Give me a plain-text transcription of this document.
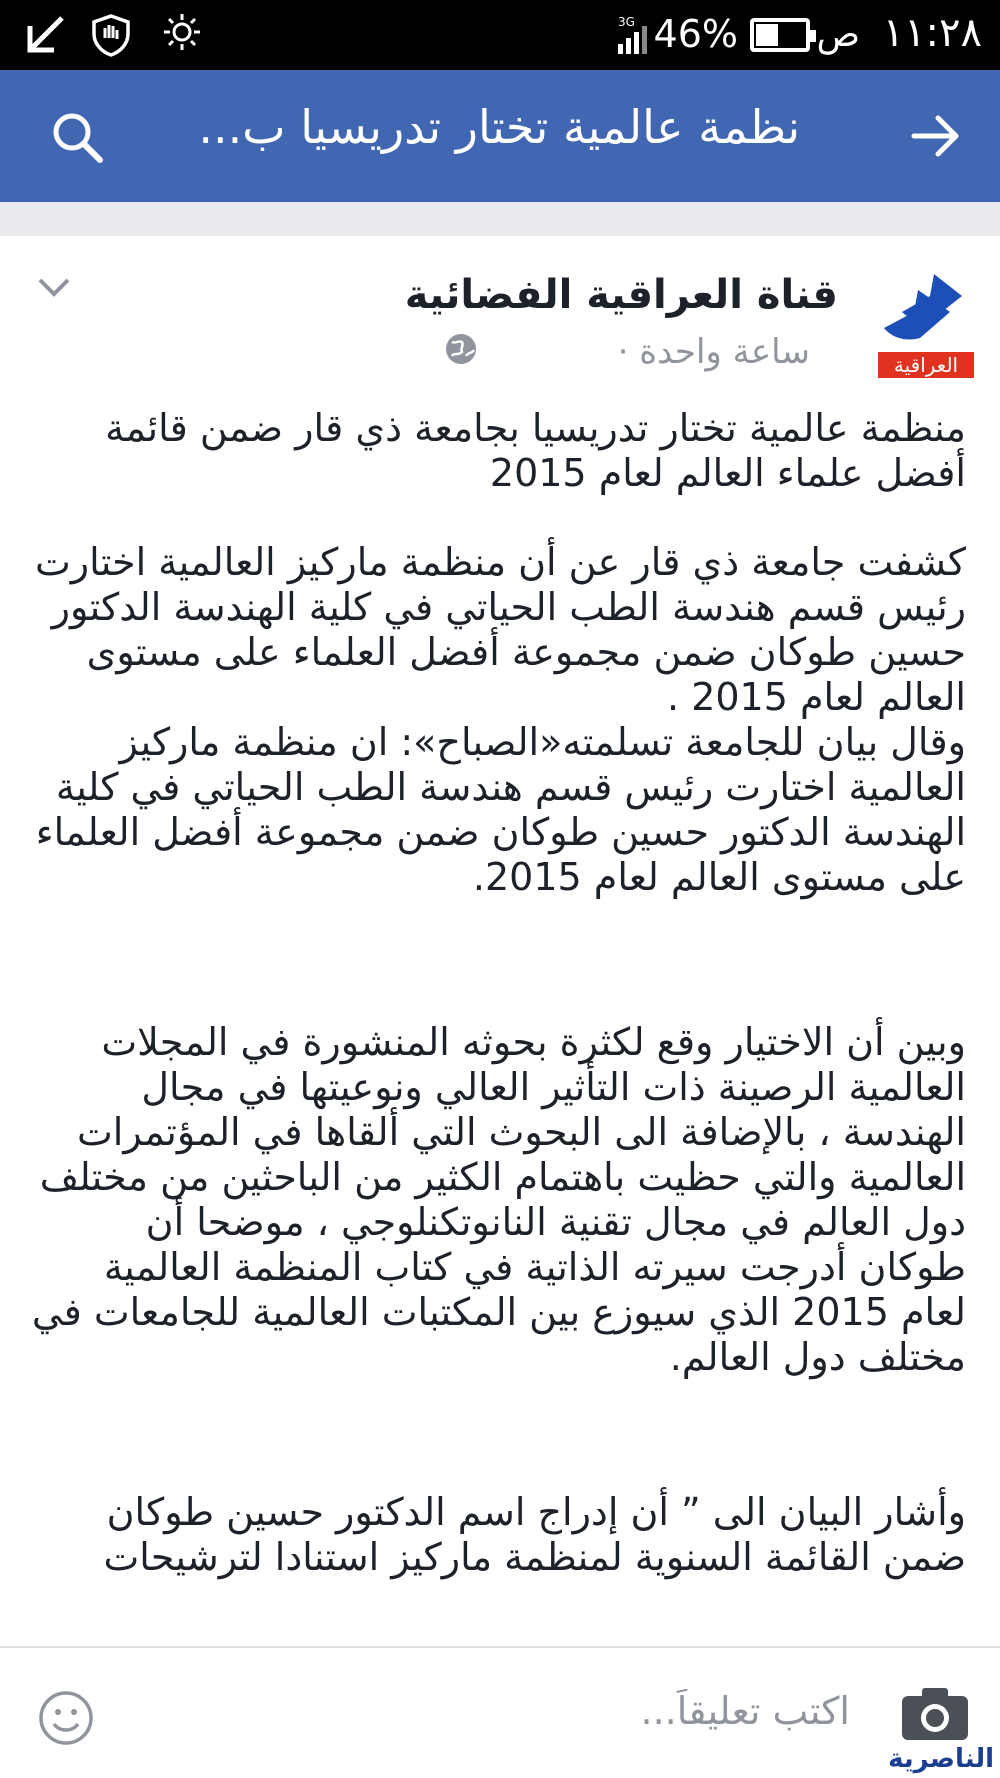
3G 46% ص ١١:٢٨
نظمة عالمية تختار تدريسيا ب...
العراقية
قناة العراقية الفضائية
ساعة واحدة ·

منظمة عالمية تختار تدريسيا بجامعة ذي قار ضمن قائمة أفضل علماء العالم لعام 2015

كشفت جامعة ذي قار عن أن منظمة ماركيز العالمية اختارت رئيس قسم هندسة الطب الحياتي في كلية الهندسة الدكتور حسين طوكان ضمن مجموعة أفضل العلماء على مستوى العالم لعام 2015 .

وقال بيان للجامعة تسلمته«الصباح»: ان منظمة ماركيز العالمية اختارت رئيس قسم هندسة الطب الحياتي في كلية الهندسة الدكتور حسين طوكان ضمن مجموعة أفضل العلماء على مستوى العالم لعام 2015.

وبين أن الاختيار وقع لكثرة بحوثه المنشورة في المجلات العالمية الرصينة ذات التأثير العالي ونوعيتها في مجال الهندسة ، بالإضافة الى البحوث التي ألقاها في المؤتمرات العالمية والتي حظيت باهتمام الكثير من الباحثين من مختلف دول العالم في مجال تقنية النانوتكنلوجي ، موضحا أن طوكان أدرجت سيرته الذاتية في كتاب المنظمة العالمية لعام 2015 الذي سيوزع بين المكتبات العالمية للجامعات في مختلف دول العالم.

وأشار البيان الى ” أن إدراج اسم الدكتور حسين طوكان ضمن القائمة السنوية لمنظمة ماركيز استنادا لترشيحات

اكتب تعليقاً...
الناصرية
